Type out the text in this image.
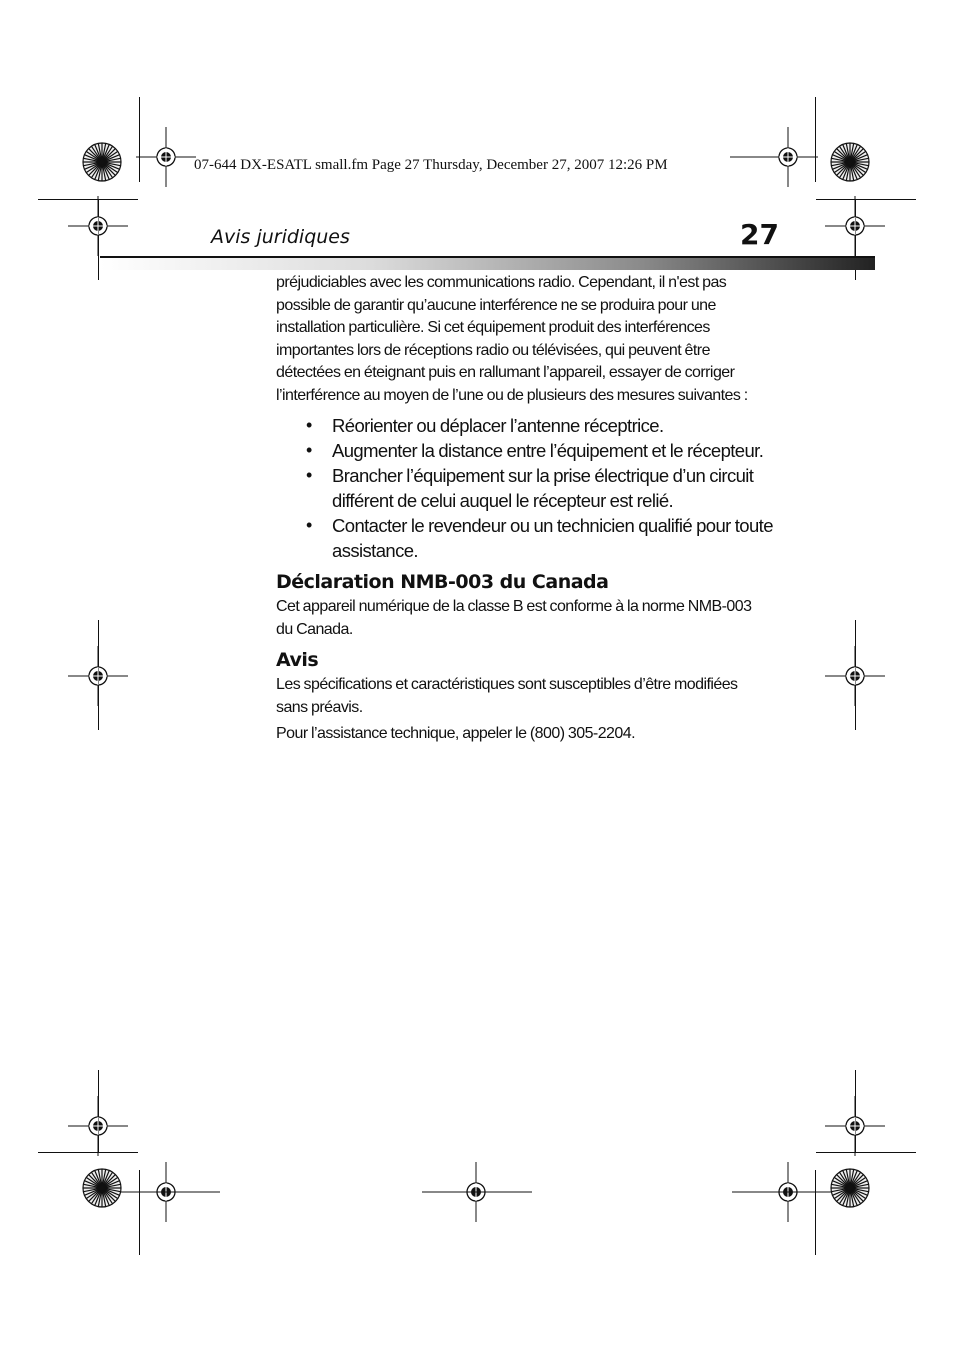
07-644 DX-ESATL small.fm Page 27 Thursday, December 27, 2007 12:26 PM
Avis juridiques	27

préjudiciables avec les communications radio. Cependant, il n'est pas
possible de garantir qu’aucune interférence ne se produira pour une
installation particulière. Si cet équipement produit des interférences
importantes lors de réceptions radio ou télévisées, qui peuvent être
détectées en éteignant puis en rallumant l’appareil, essayer de corriger
l’interférence au moyen de l’une ou de plusieurs des mesures suivantes :

• Réorienter ou déplacer l’antenne réceptrice.
• Augmenter la distance entre l’équipement et le récepteur.
• Brancher l’équipement sur la prise électrique d’un circuit
différent de celui auquel le récepteur est relié.
• Contacter le revendeur ou un technicien qualifié pour toute
assistance.
Déclaration NMB-003 du Canada

Cet appareil numérique de la classe B est conforme à la norme NMB-003
du Canada.

Avis

Les spécifications et caractéristiques sont susceptibles d’être modifiées
sans préavis.

Pour l’assistance technique, appeler le (800) 305-2204.
